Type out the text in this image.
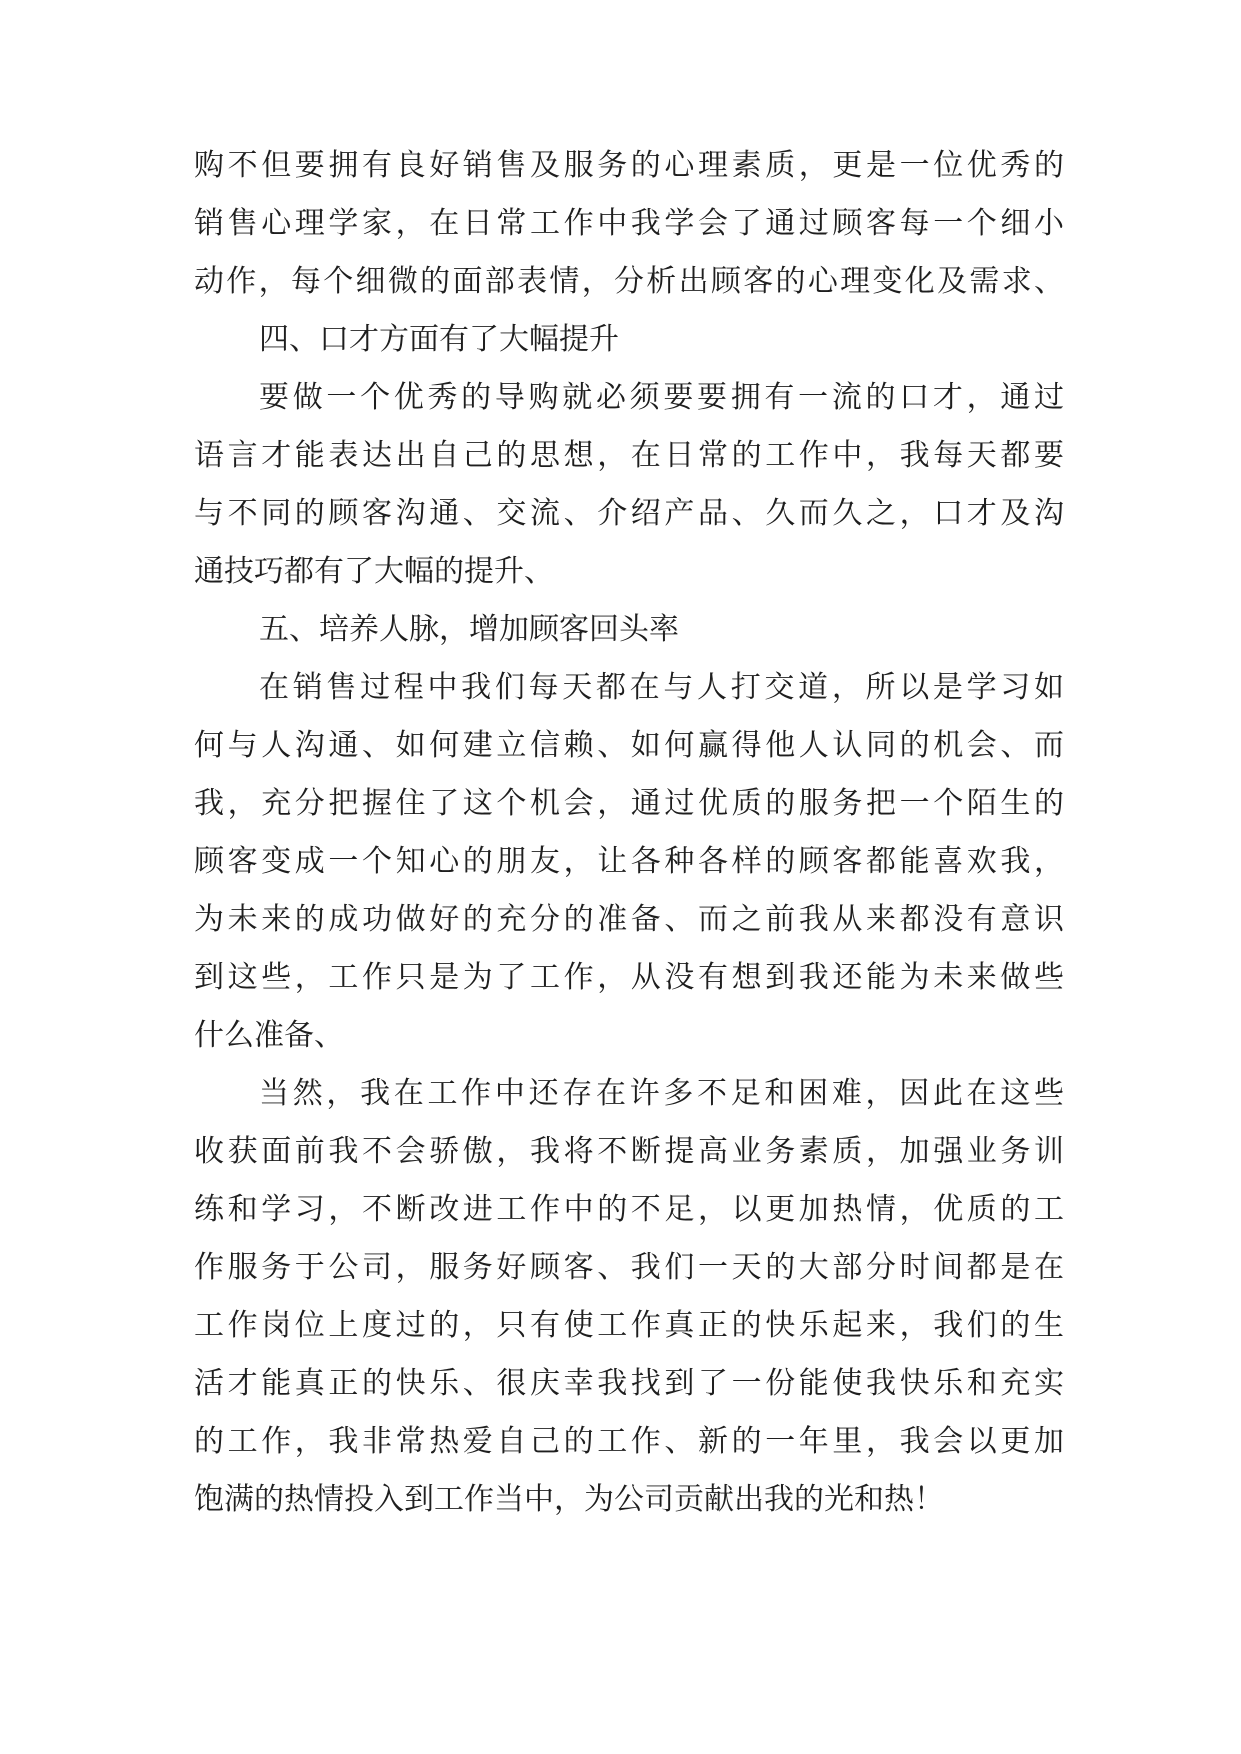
购不但要拥有良好销售及服务的心理素质，更是一位优秀的
销售心理学家，在日常工作中我学会了通过顾客每一个细小
动作，每个细微的面部表情，分析出顾客的心理变化及需求、
四、口才方面有了大幅提升
要做一个优秀的导购就必须要要拥有一流的口才，通过
语言才能表达出自己的思想，在日常的工作中，我每天都要
与不同的顾客沟通、交流、介绍产品、久而久之，口才及沟
通技巧都有了大幅的提升、
五、培养人脉，增加顾客回头率
在销售过程中我们每天都在与人打交道，所以是学习如
何与人沟通、如何建立信赖、如何赢得他人认同的机会、而
我，充分把握住了这个机会，通过优质的服务把一个陌生的
顾客变成一个知心的朋友，让各种各样的顾客都能喜欢我，
为未来的成功做好的充分的准备、而之前我从来都没有意识
到这些，工作只是为了工作，从没有想到我还能为未来做些
什么准备、
当然，我在工作中还存在许多不足和困难，因此在这些
收获面前我不会骄傲，我将不断提高业务素质，加强业务训
练和学习，不断改进工作中的不足，以更加热情，优质的工
作服务于公司，服务好顾客、我们一天的大部分时间都是在
工作岗位上度过的，只有使工作真正的快乐起来，我们的生
活才能真正的快乐、很庆幸我找到了一份能使我快乐和充实
的工作，我非常热爱自己的工作、新的一年里，我会以更加
饱满的热情投入到工作当中，为公司贡献出我的光和热！
